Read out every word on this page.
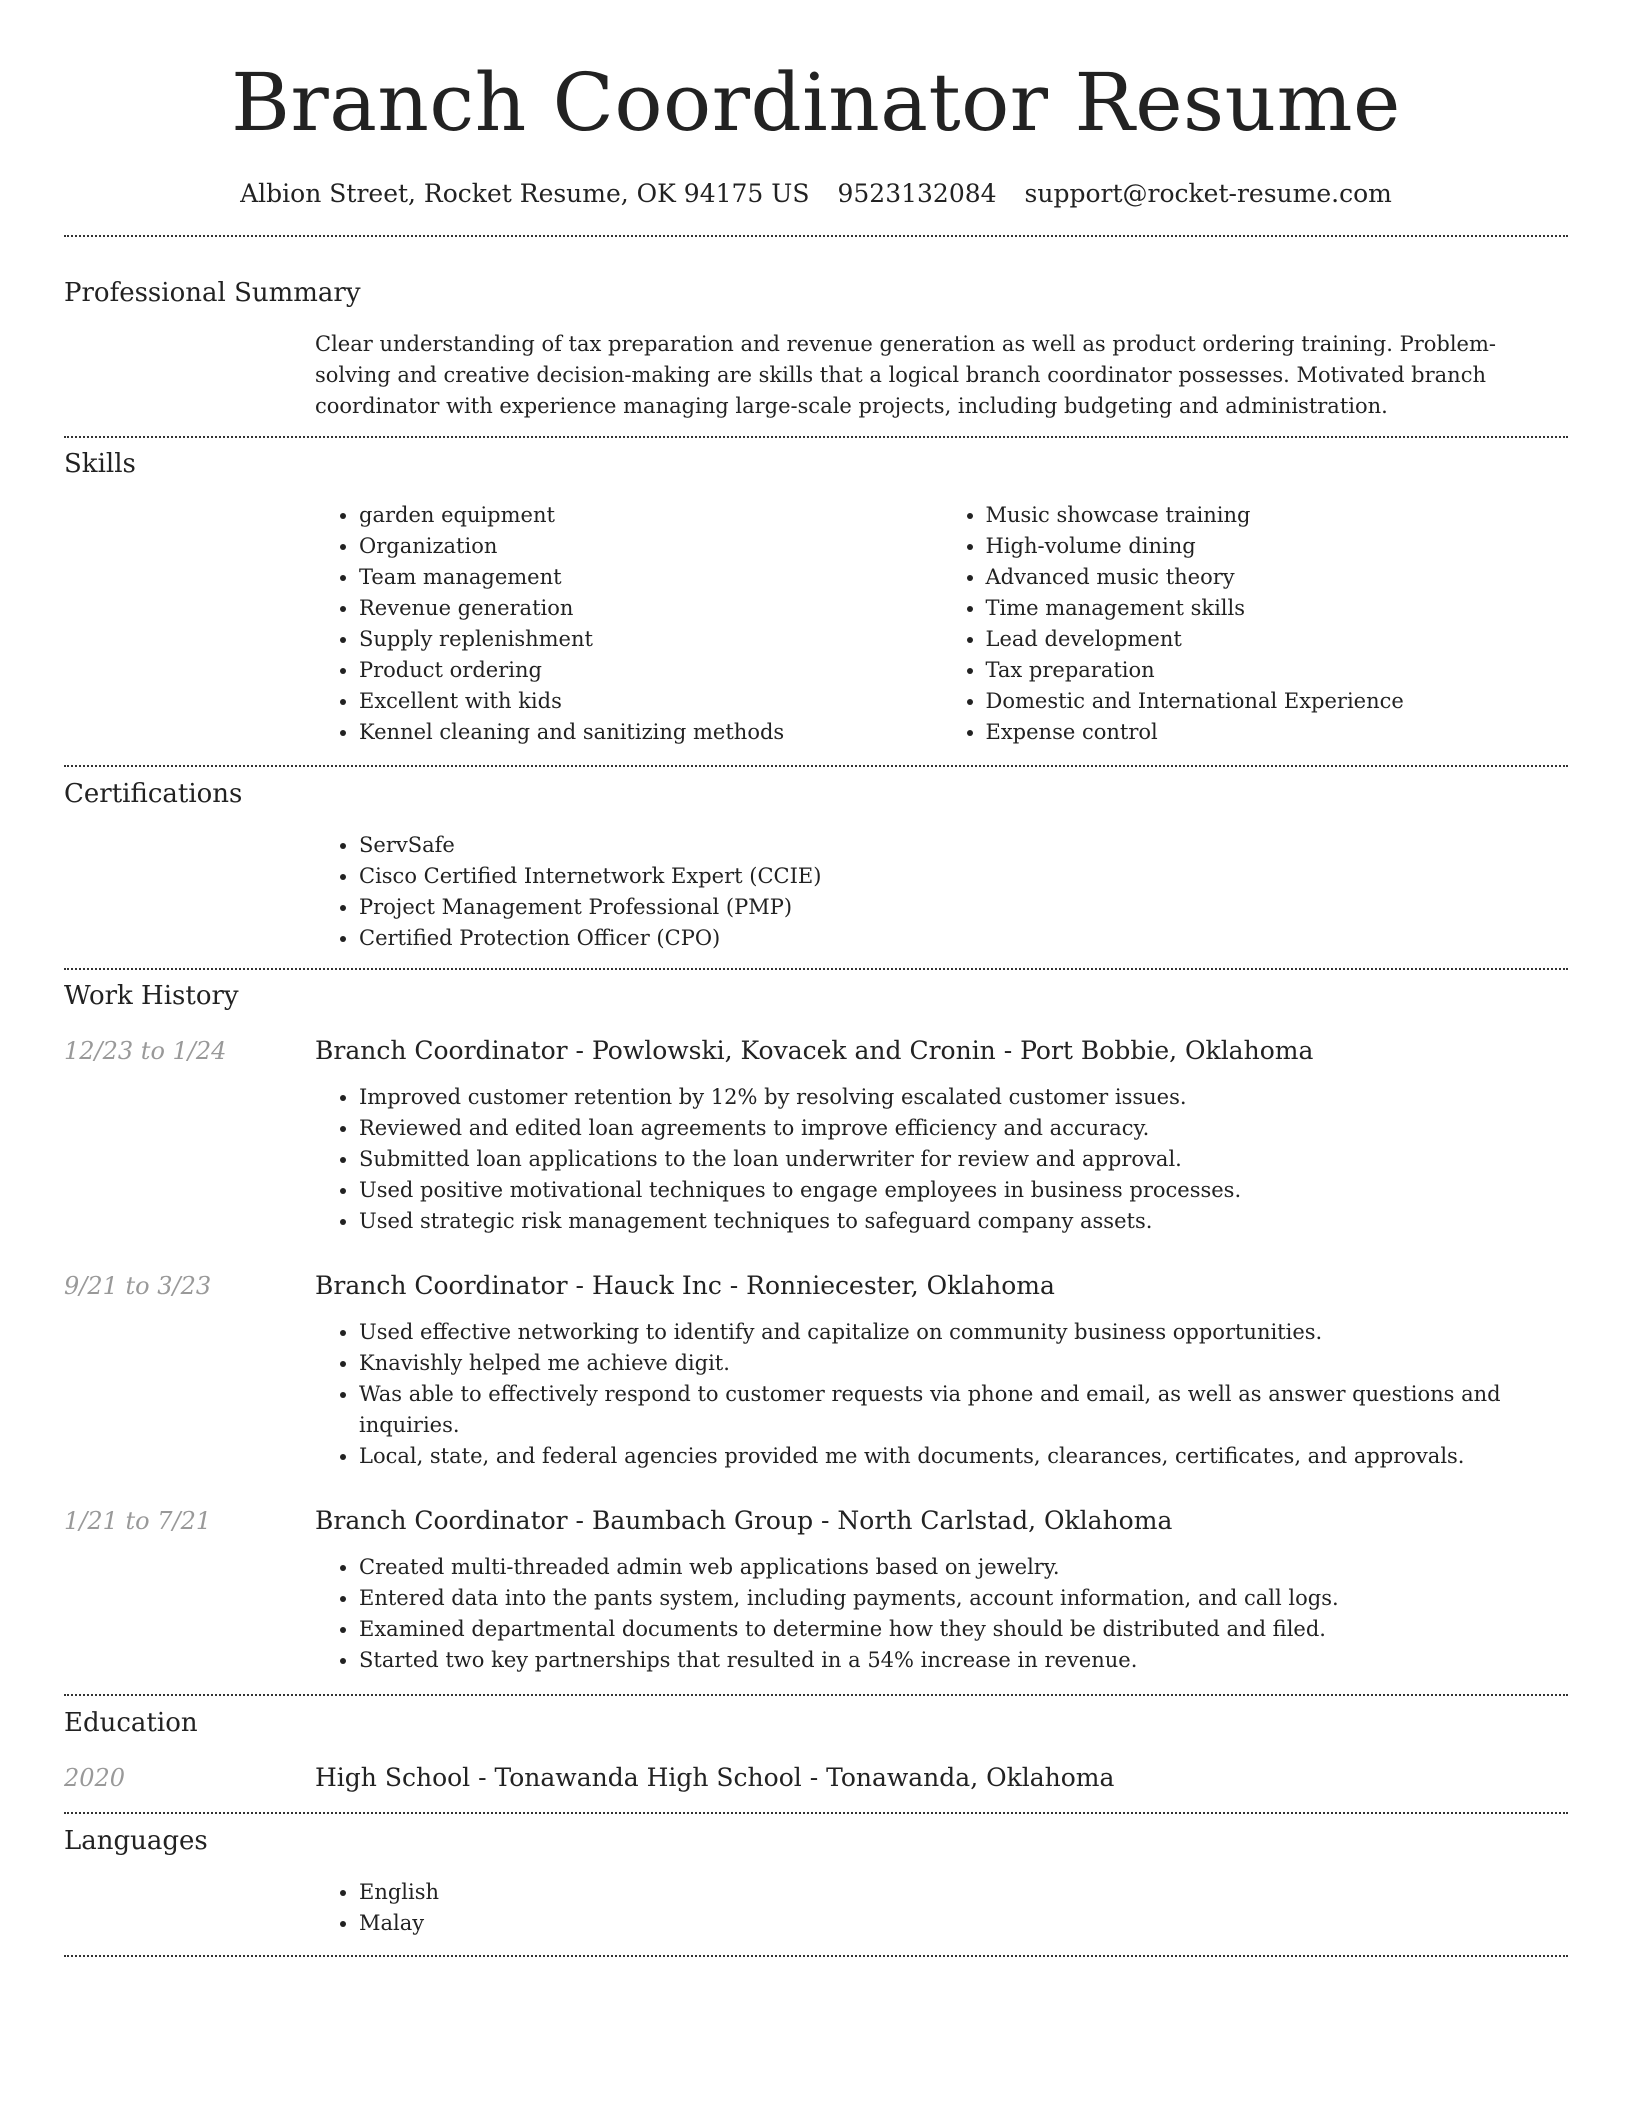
Branch Coordinator Resume
Albion Street, Rocket Resume, OK 94175 US 9523132084 support@rocket-resume.com
Professional Summary
Clear understanding of tax preparation and revenue generation as well as product ordering training. Problem-solving and creative decision-making are skills that a logical branch coordinator possesses. Motivated branch coordinator with experience managing large-scale projects, including budgeting and administration.
Skills
• garden equipment
• Organization
• Team management
• Revenue generation
• Supply replenishment
• Product ordering
• Excellent with kids
• Kennel cleaning and sanitizing methods
• Music showcase training
• High-volume dining
• Advanced music theory
• Time management skills
• Lead development
• Tax preparation
• Domestic and International Experience
• Expense control
Certifications
• ServSafe
• Cisco Certified Internetwork Expert (CCIE)
• Project Management Professional (PMP)
• Certified Protection Officer (CPO)
Work History
12/23 to 1/24	Branch Coordinator - Powlowski, Kovacek and Cronin - Port Bobbie, Oklahoma
• Improved customer retention by 12% by resolving escalated customer issues.
• Reviewed and edited loan agreements to improve efficiency and accuracy.
• Submitted loan applications to the loan underwriter for review and approval.
• Used positive motivational techniques to engage employees in business processes.
• Used strategic risk management techniques to safeguard company assets.
9/21 to 3/23	Branch Coordinator - Hauck Inc - Ronniecester, Oklahoma
• Used effective networking to identify and capitalize on community business opportunities.
• Knavishly helped me achieve digit.
• Was able to effectively respond to customer requests via phone and email, as well as answer questions and inquiries.
• Local, state, and federal agencies provided me with documents, clearances, certificates, and approvals.
1/21 to 7/21	Branch Coordinator - Baumbach Group - North Carlstad, Oklahoma
• Created multi-threaded admin web applications based on jewelry.
• Entered data into the pants system, including payments, account information, and call logs.
• Examined departmental documents to determine how they should be distributed and filed.
• Started two key partnerships that resulted in a 54% increase in revenue.
Education
2020	High School - Tonawanda High School - Tonawanda, Oklahoma
Languages
• English
• Malay
